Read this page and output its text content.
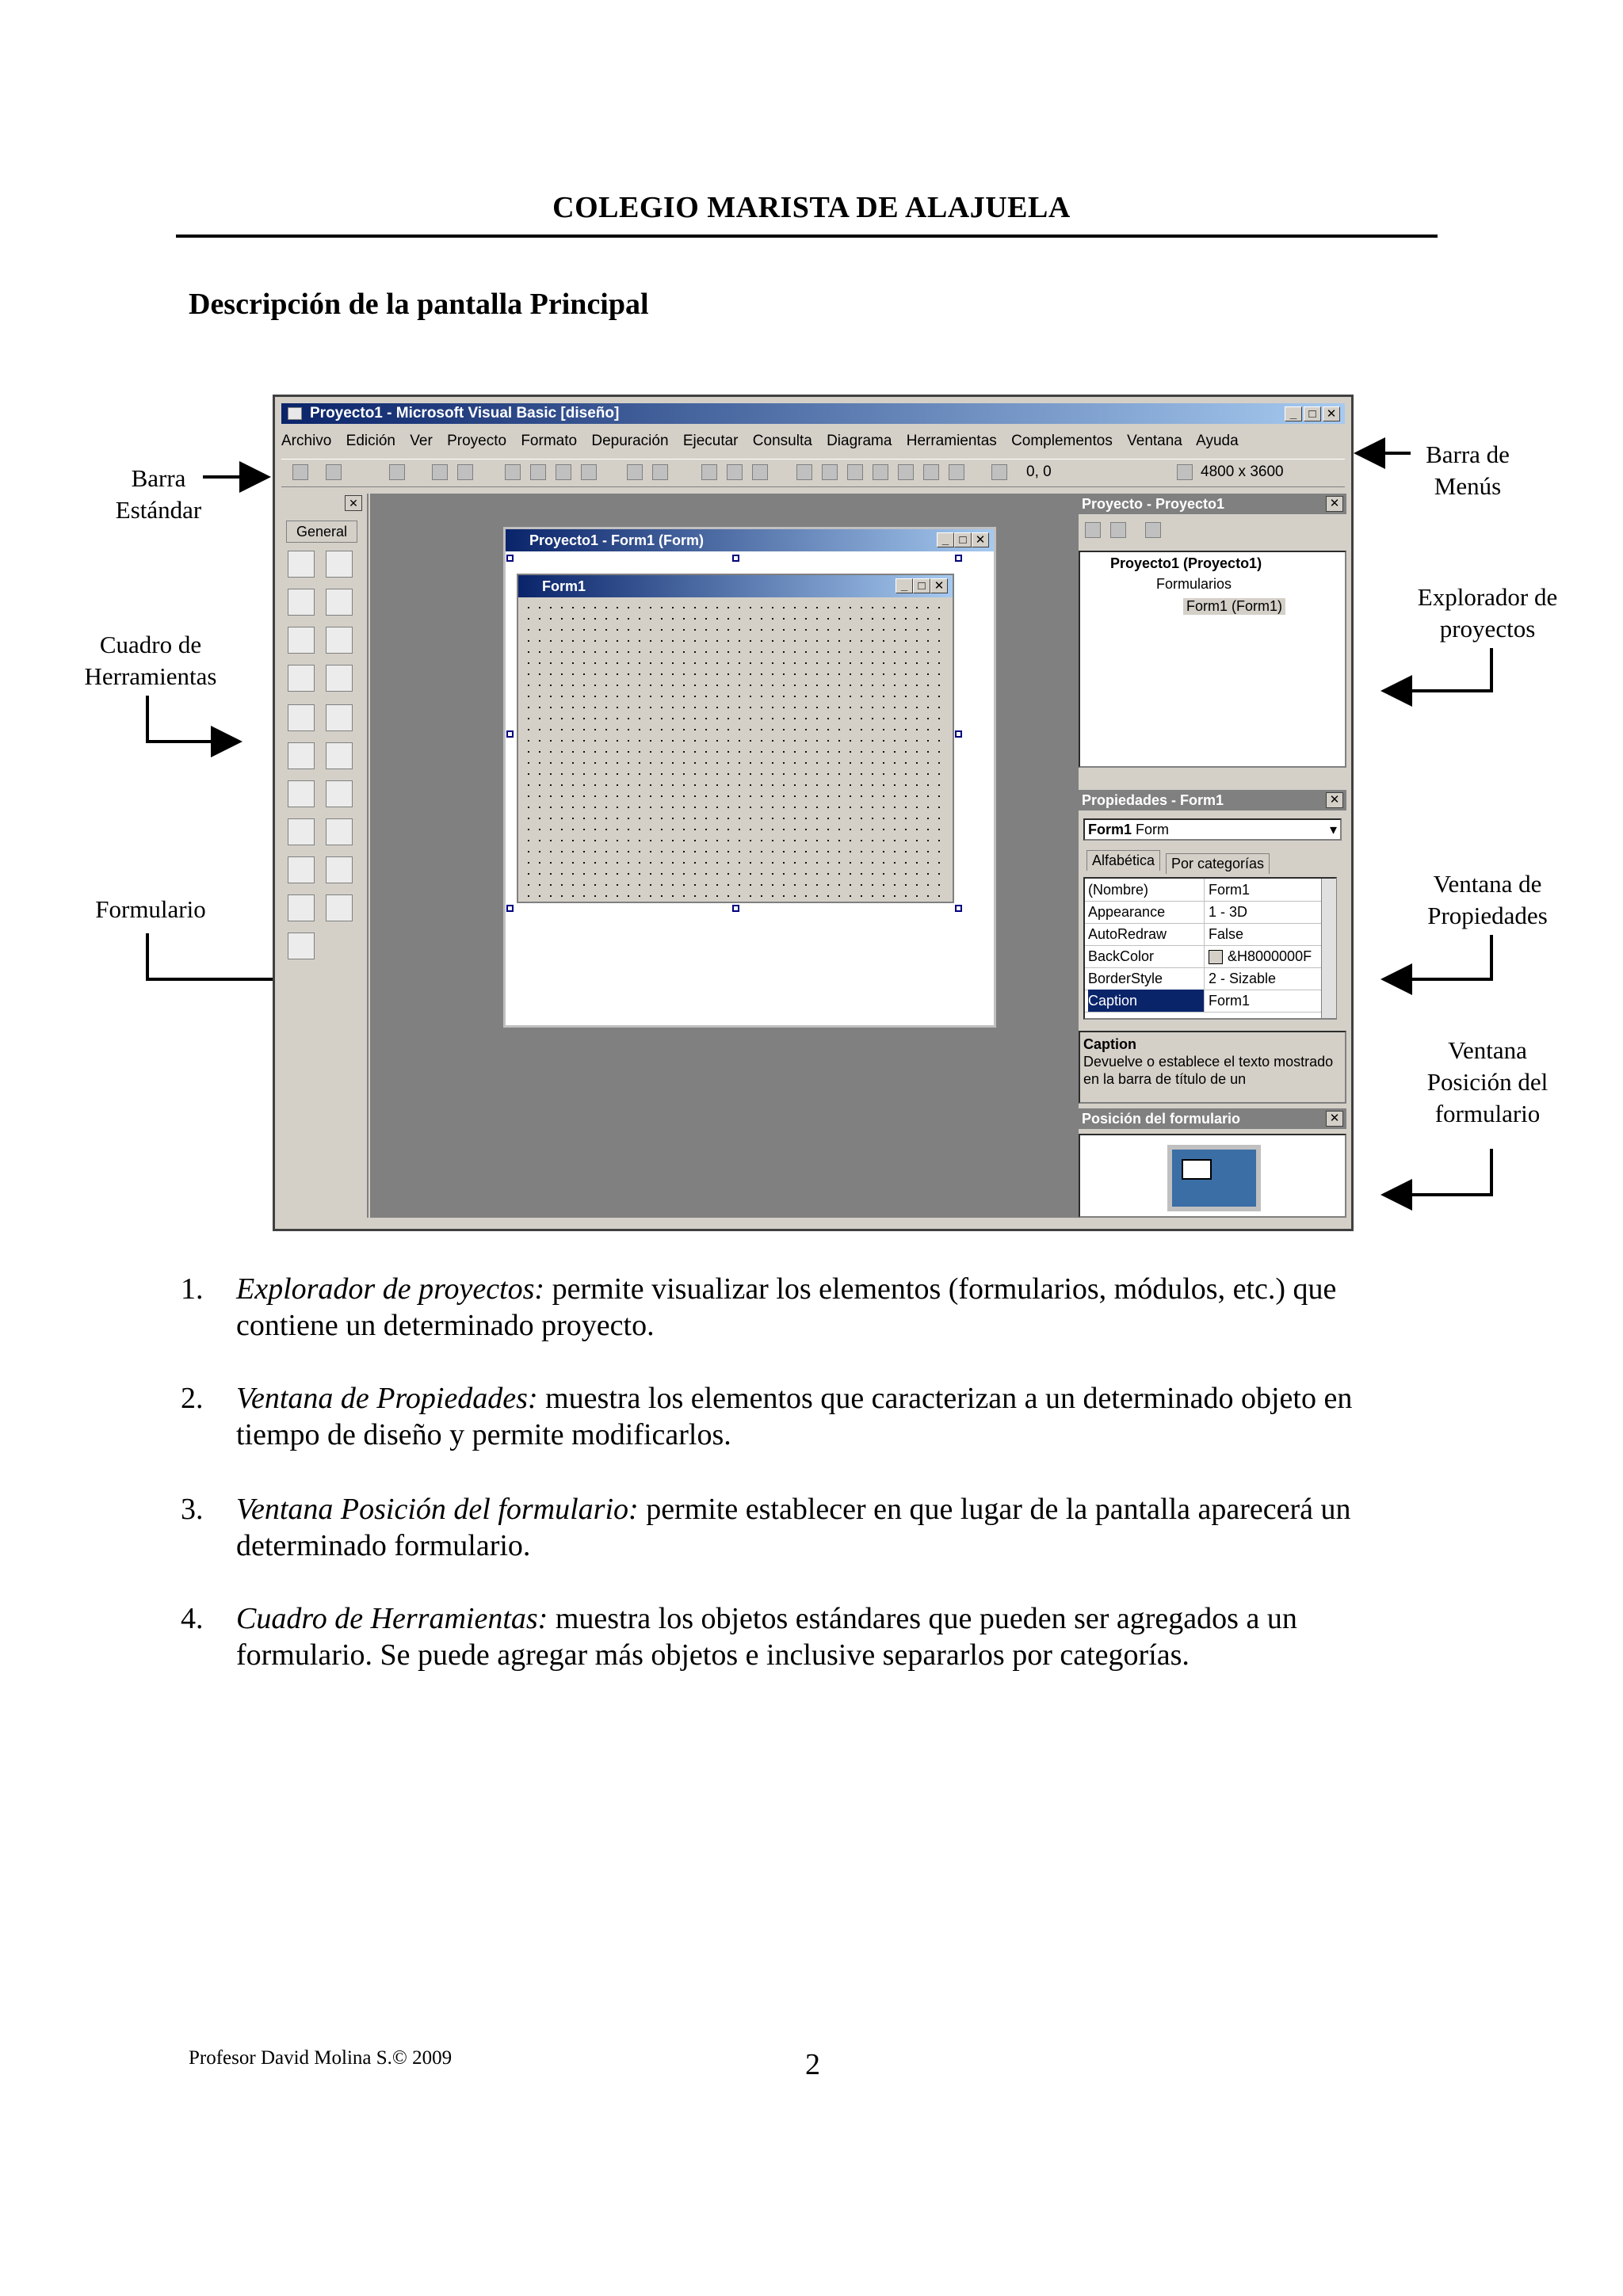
COLEGIO MARISTA DE ALAJUELA
Descripción de la pantalla Principal
Barra Estándar
Cuadro de Herramientas
Formulario
Barra de Menús
Explorador de proyectos
Ventana de Propiedades
Ventana Posición del formulario
Proyecto1 - Microsoft Visual Basic [diseño]	_	□ ✕
Archivo Edición Ver Proyecto Formato Depuración Ejecutar Consulta Diagrama Herramientas Complementos Ventana Ayuda
0, 0	4800 x 3600
✕
General
Proyecto1 - Form1 (Form)	_ □ ✕
Form1	_ □ ✕
Proyecto - Proyecto1	✕
Proyecto1 (Proyecto1)
Formularios
Form1 (Form1)
Propiedades - Form1	✕
Form1 Form	▾
Alfabética	Por categorías
(Nombre)	Form1
Appearance	1 - 3D
AutoRedraw	False
BackColor	&H8000000F
BorderStyle	2 - Sizable
Caption	Form1
Caption
Devuelve o establece el texto mostrado en la barra de título de un
Posición del formulario	✕
1. Explorador de proyectos: permite visualizar los elementos (formularios, módulos, etc.) que contiene un determinado proyecto.
2. Ventana de Propiedades: muestra los elementos que caracterizan a un determinado objeto en tiempo de diseño y permite modificarlos.
3. Ventana Posición del formulario: permite establecer en que lugar de la pantalla aparecerá un determinado formulario.
4. Cuadro de Herramientas: muestra los objetos estándares que pueden ser agregados a un formulario. Se puede agregar más objetos e inclusive separarlos por categorías.
Profesor David Molina S.© 2009	2
